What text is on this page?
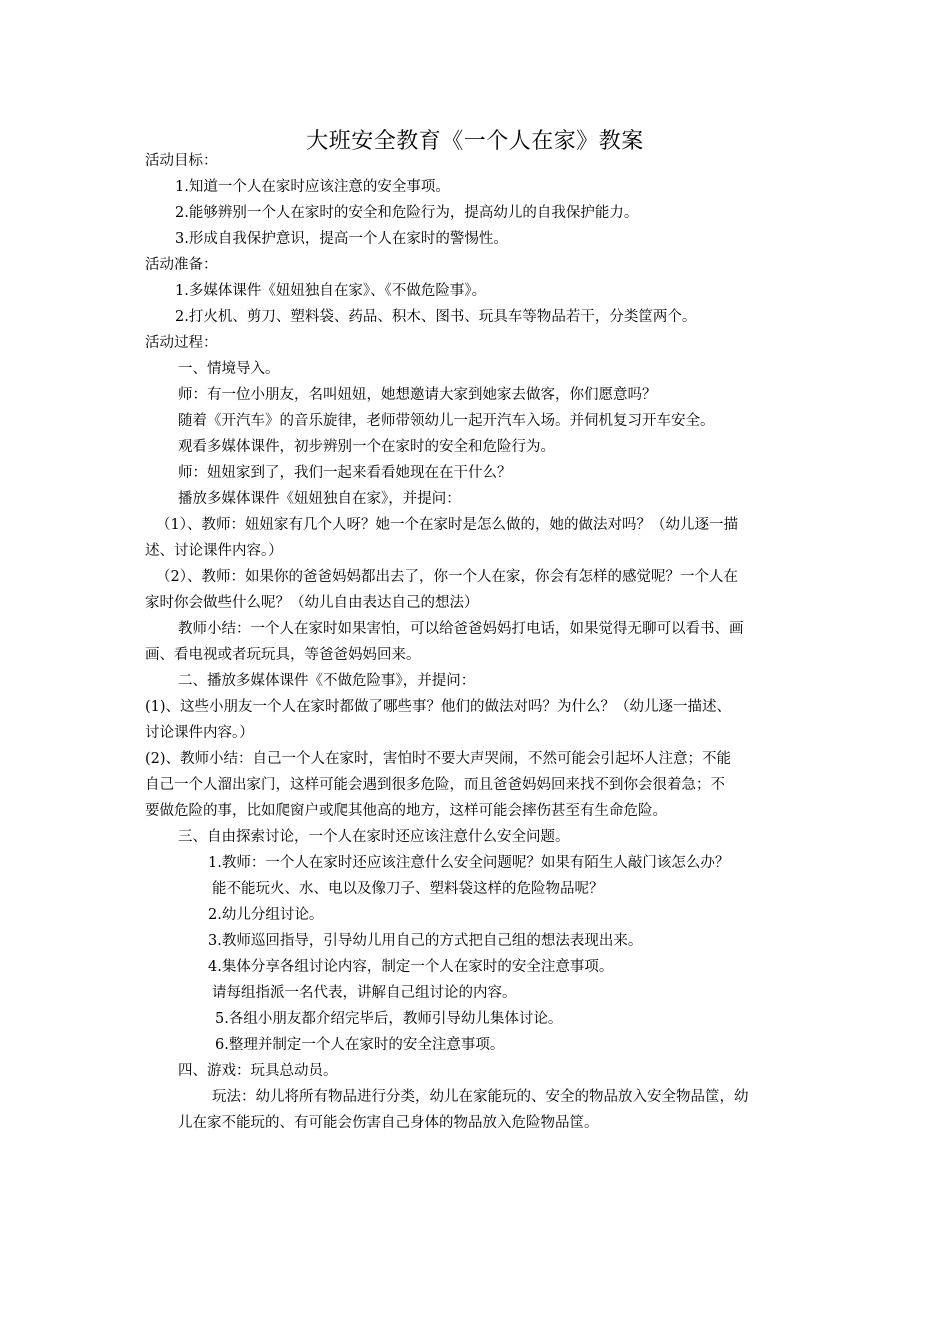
大班安全教育《一个人在家》教案
活动目标：
1.知道一个人在家时应该注意的安全事项。
2.能够辨别一个人在家时的安全和危险行为，提高幼儿的自我保护能力。
3.形成自我保护意识，提高一个人在家时的警惕性。
活动准备：
1.多媒体课件《妞妞独自在家》、《不做危险事》。
2.打火机、剪刀、塑料袋、药品、积木、图书、玩具车等物品若干，分类筐两个。
活动过程：
一、情境导入。
师：有一位小朋友，名叫妞妞，她想邀请大家到她家去做客，你们愿意吗？
随着《开汽车》的音乐旋律，老师带领幼儿一起开汽车入场。并伺机复习开车安全。
观看多媒体课件，初步辨别一个在家时的安全和危险行为。
师：妞妞家到了，我们一起来看看她现在在干什么？
播放多媒体课件《妞妞独自在家》，并提问：
（1）、教师：妞妞家有几个人呀？她一个在家时是怎么做的，她的做法对吗？（幼儿逐一描
述、讨论课件内容。）
（2）、教师：如果你的爸爸妈妈都出去了，你一个人在家，你会有怎样的感觉呢？一个人在
家时你会做些什么呢？（幼儿自由表达自己的想法）
教师小结：一个人在家时如果害怕，可以给爸爸妈妈打电话，如果觉得无聊可以看书、画
画、看电视或者玩玩具，等爸爸妈妈回来。
二、播放多媒体课件《不做危险事》，并提问：
(1)、这些小朋友一个人在家时都做了哪些事？他们的做法对吗？为什么？（幼儿逐一描述、
讨论课件内容。）
(2)、教师小结：自己一个人在家时，害怕时不要大声哭闹，不然可能会引起坏人注意；不能
自己一个人溜出家门，这样可能会遇到很多危险，而且爸爸妈妈回来找不到你会很着急；不
要做危险的事，比如爬窗户或爬其他高的地方，这样可能会摔伤甚至有生命危险。
三、自由探索讨论，一个人在家时还应该注意什么安全问题。
1.教师：一个人在家时还应该注意什么安全问题呢？如果有陌生人敲门该怎么办？
能不能玩火、水、电以及像刀子、塑料袋这样的危险物品呢？
2.幼儿分组讨论。
3.教师巡回指导，引导幼儿用自己的方式把自己组的想法表现出来。
4.集体分享各组讨论内容，制定一个人在家时的安全注意事项。
请每组指派一名代表，讲解自己组讨论的内容。
5.各组小朋友都介绍完毕后，教师引导幼儿集体讨论。
6.整理并制定一个人在家时的安全注意事项。
四、游戏：玩具总动员。
玩法：幼儿将所有物品进行分类，幼儿在家能玩的、安全的物品放入安全物品筐，幼
儿在家不能玩的、有可能会伤害自己身体的物品放入危险物品筐。
